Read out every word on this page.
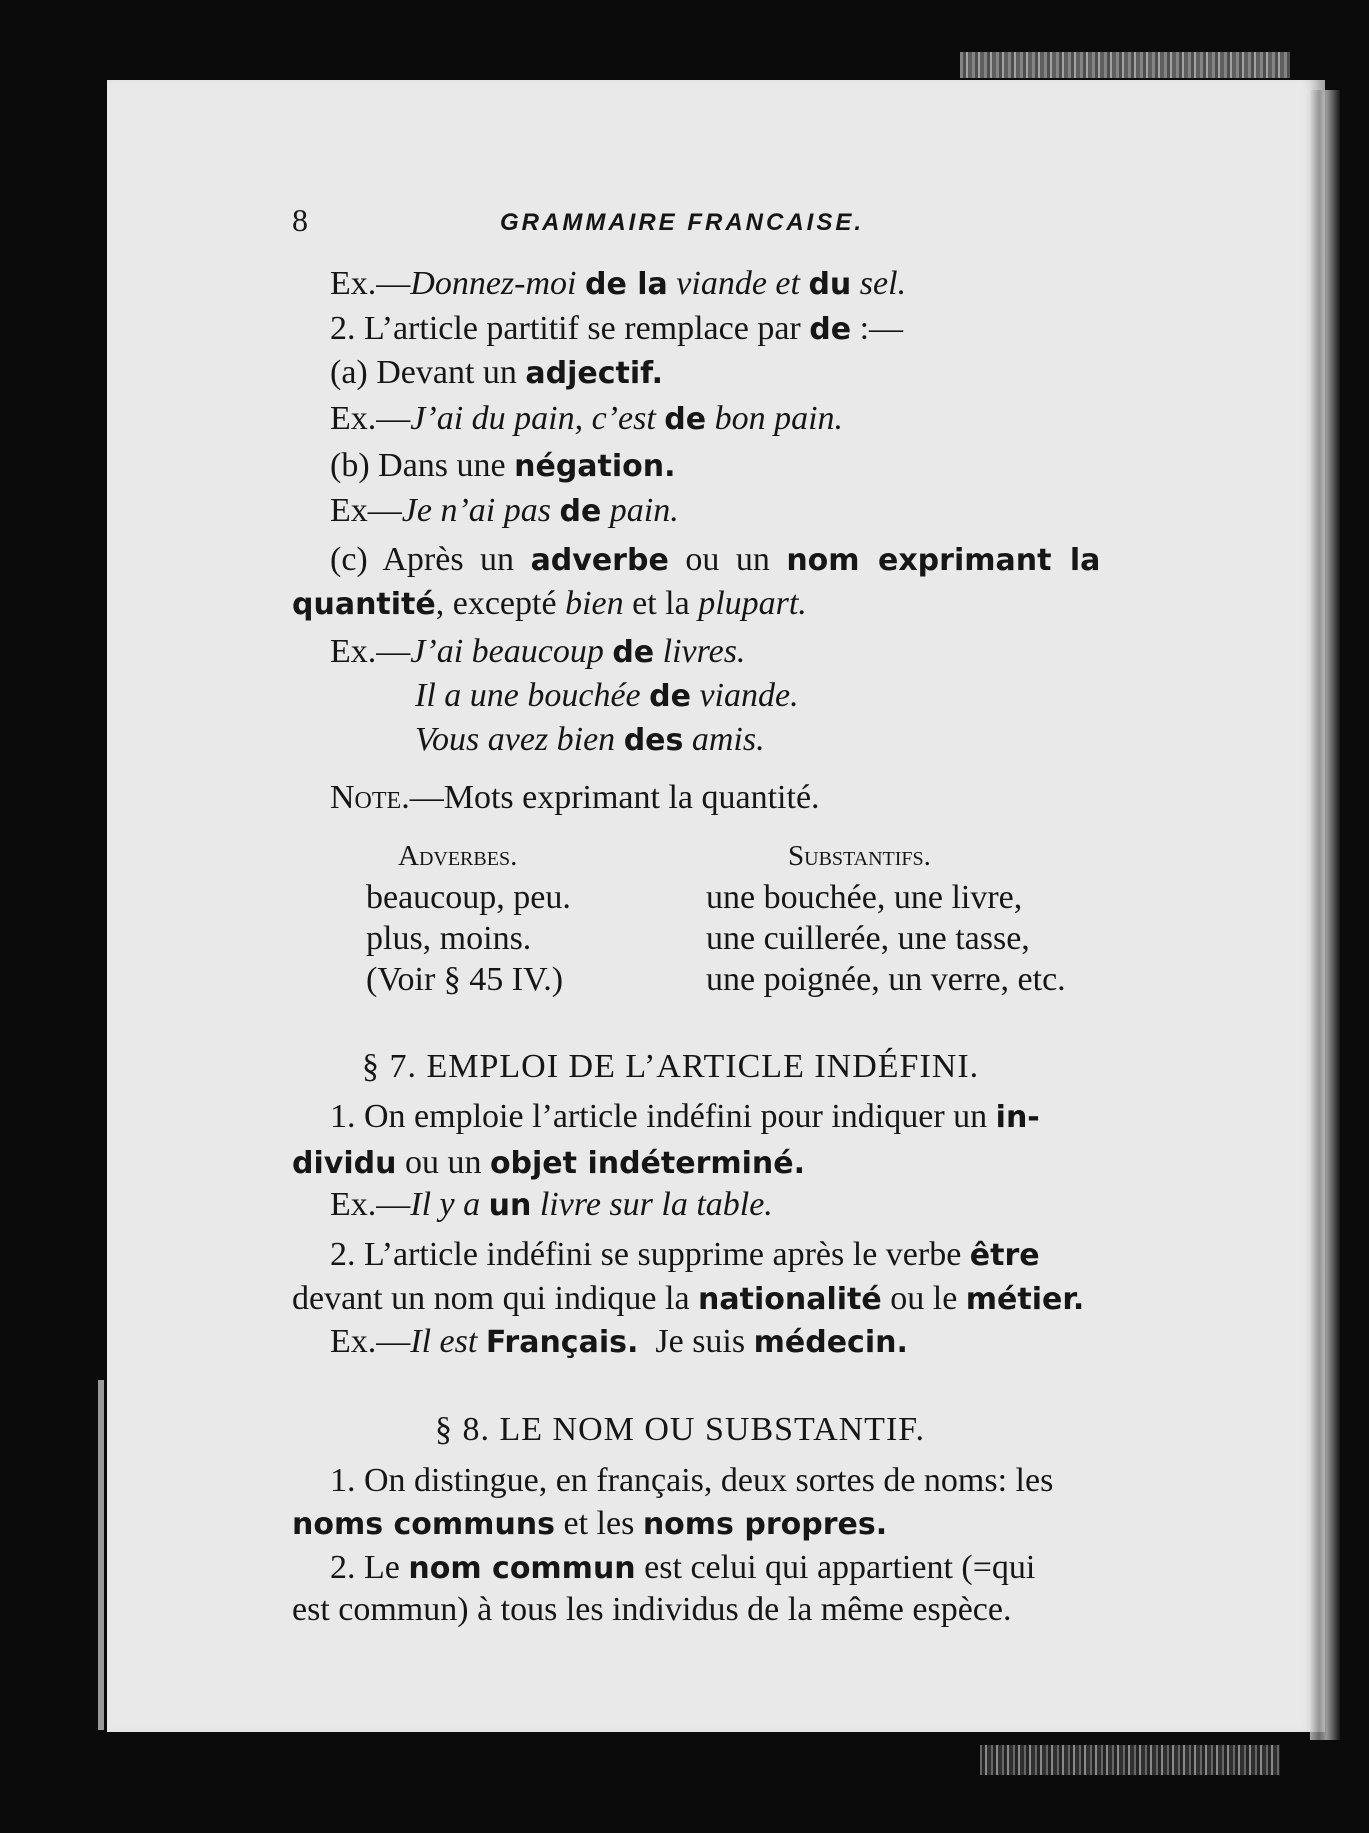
8	GRAMMAIRE FRANCAISE.
Ex.—Donnez-moi de la viande et du sel.
2. L’article partitif se remplace par de :—
(a) Devant un adjectif.
Ex.—J’ai du pain, c’est de bon pain.
(b) Dans une négation.
Ex—Je n’ai pas de pain.
(c) Après un adverbe ou un nom exprimant la
quantité, excepté bien et la plupart.
Ex.—J’ai beaucoup de livres.
Il a une bouchée de viande.
Vous avez bien des amis.
Note.—Mots exprimant la quantité.
Adverbes.	Substantifs.
beaucoup, peu.
plus, moins.
(Voir § 45 IV.)
une bouchée, une livre,
une cuillerée, une tasse,
une poignée, un verre, etc.
§ 7. EMPLOI DE L’ARTICLE INDÉFINI.
1. On emploie l’article indéfini pour indiquer un in-
dividu ou un objet indéterminé.
Ex.—Il y a un livre sur la table.
2. L’article indéfini se supprime après le verbe être
devant un nom qui indique la nationalité ou le métier.
Ex.—Il est Français. Je suis médecin.
§ 8. LE NOM OU SUBSTANTIF.
1. On distingue, en français, deux sortes de noms: les
noms communs et les noms propres.
2. Le nom commun est celui qui appartient (=qui
est commun) à tous les individus de la même espèce.
